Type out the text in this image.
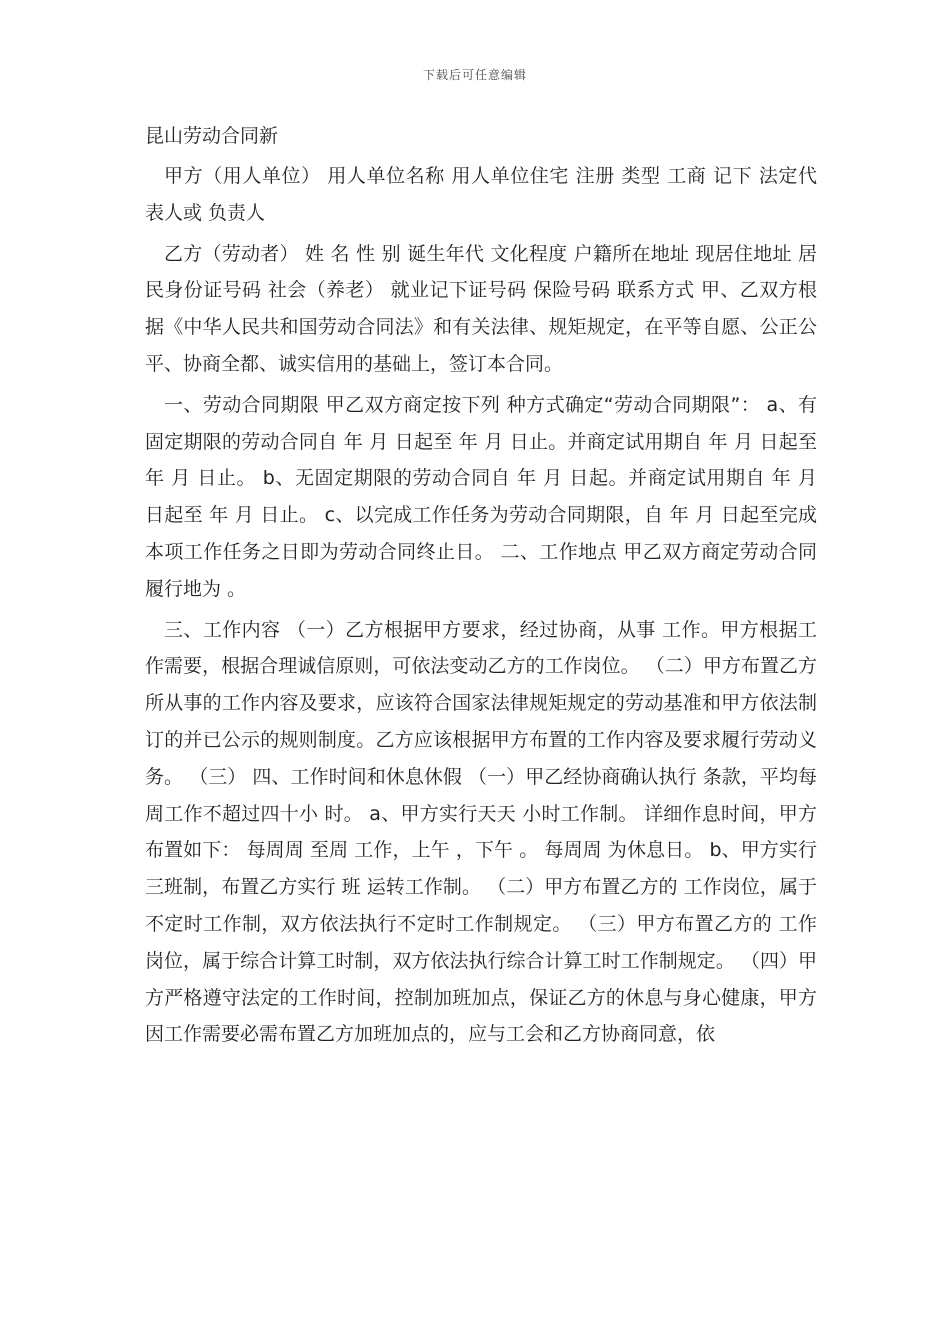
下载后可任意编辑
昆山劳动合同新

甲方（用人单位） 用人单位名称 用人单位住宅 注册 类型 工商 记下 法定代 表人或 负责人

乙方（劳动者） 姓 名 性 别 诞生年代 文化程度 户籍所在地址 现居住地址 居民身份证号码 社会（养老） 就业记下证号码 保险号码 联系方式 甲、乙双方根据《中华人民共和国劳动合同法》和有关法律、规矩规定，在平等自愿、公正公平、协商全都、诚实信用的基础上，签订本合同。

一、劳动合同期限 甲乙双方商定按下列 种方式确定“劳动合同期限”： a、有固定期限的劳动合同自 年 月 日起至 年 月 日止。并商定试用期自 年 月 日起至 年 月 日止。 b、无固定期限的劳动合同自 年 月 日起。并商定试用期自 年 月 日起至 年 月 日止。 c、以完成工作任务为劳动合同期限，自 年 月 日起至完成本项工作任务之日即为劳动合同终止日。 二、工作地点 甲乙双方商定劳动合同履行地为 。

三、工作内容 （一）乙方根据甲方要求，经过协商，从事 工作。甲方根据工作需要，根据合理诚信原则，可依法变动乙方的工作岗位。 （二）甲方布置乙方所从事的工作内容及要求，应该符合国家法律规矩规定的劳动基准和甲方依法制订的并已公示的规则制度。乙方应该根据甲方布置的工作内容及要求履行劳动义务。 （三） 四、工作时间和休息休假 （一）甲乙经协商确认执行 条款，平均每周工作不超过四十小 时。 a、甲方实行天天 小时工作制。 详细作息时间，甲方布置如下： 每周周 至周 工作，上午 ，下午 。 每周周 为休息日。 b、甲方实行三班制，布置乙方实行 班 运转工作制。 （二）甲方布置乙方的 工作岗位，属于不定时工作制，双方依法执行不定时工作制规定。 （三）甲方布置乙方的 工作岗位，属于综合计算工时制，双方依法执行综合计算工时工作制规定。 （四）甲方严格遵守法定的工作时间，控制加班加点，保证乙方的休息与身心健康，甲方因工作需要必需布置乙方加班加点的，应与工会和乙方协商同意，依
